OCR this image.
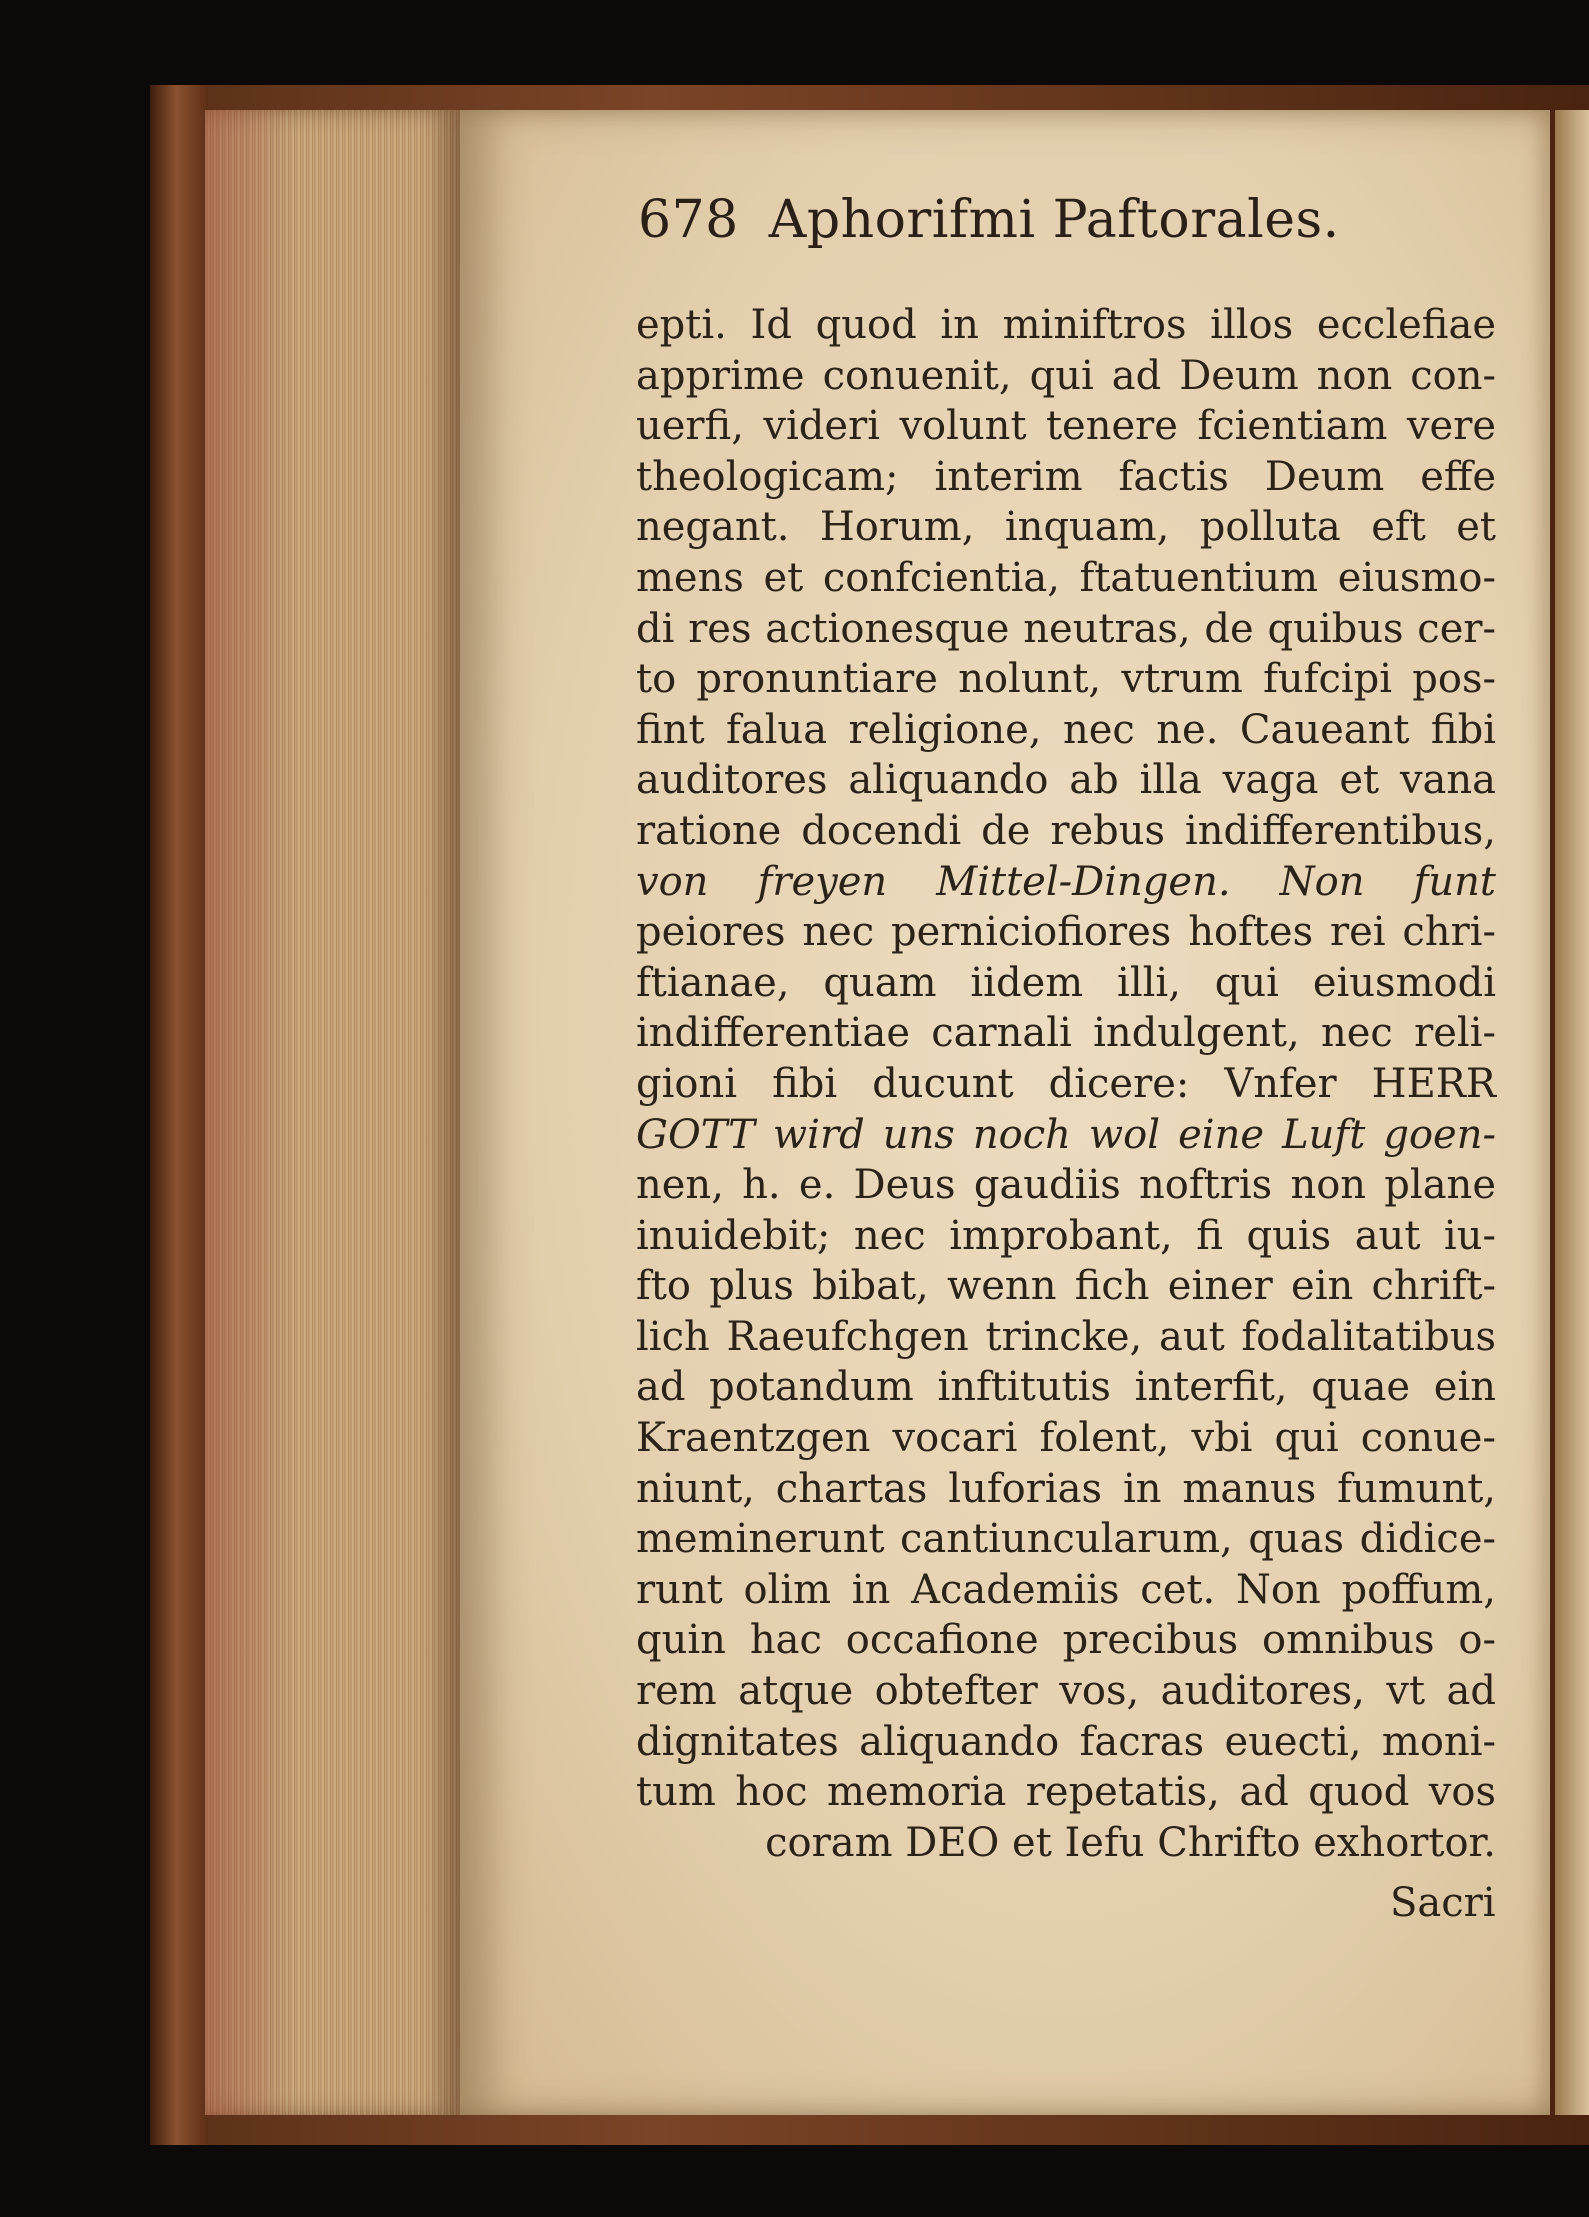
678 Aphorifmi Paftorales.
epti. Id quod in miniftros illos ecclefiae
apprime conuenit, qui ad Deum non con-
uerfi, videri volunt tenere fcientiam vere
theologicam; interim factis Deum effe
negant. Horum, inquam, polluta eft et
mens et confcientia, ftatuentium eiusmo-
di res actionesque neutras, de quibus cer-
to pronuntiare nolunt, vtrum fufcipi pos-
fint falua religione, nec ne. Caueant fibi
auditores aliquando ab illa vaga et vana
ratione docendi de rebus indifferentibus,
von freyen Mittel-Dingen. Non funt
peiores nec perniciofiores hoftes rei chri-
ftianae, quam iidem illi, qui eiusmodi
indifferentiae carnali indulgent, nec reli-
gioni fibi ducunt dicere: Vnfer HERR
GOTT wird uns noch wol eine Luft goen-
nen, h. e. Deus gaudiis noftris non plane
inuidebit; nec improbant, fi quis aut iu-
fto plus bibat, wenn fich einer ein chrift-
lich Raeufchgen trincke, aut fodalitatibus
ad potandum inftitutis interfit, quae ein
Kraentzgen vocari folent, vbi qui conue-
niunt, chartas luforias in manus fumunt,
meminerunt cantiuncularum, quas didice-
runt olim in Academiis cet. Non poffum,
quin hac occafione precibus omnibus o-
rem atque obtefter vos, auditores, vt ad
dignitates aliquando facras euecti, moni-
tum hoc memoria repetatis, ad quod vos
coram DEO et Iefu Chrifto exhortor.
Sacri
